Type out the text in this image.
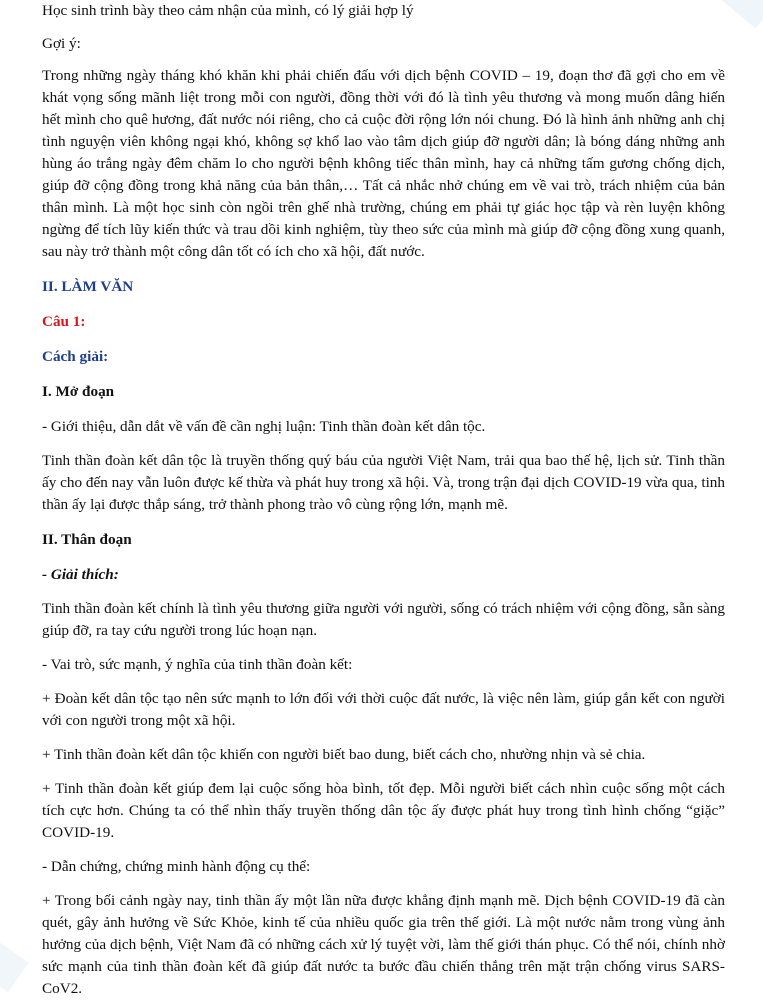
Học sinh trình bày theo cảm nhận của mình, có lý giải hợp lý

Gợi ý:

Trong những ngày tháng khó khăn khi phải chiến đấu với dịch bệnh COVID – 19, đoạn thơ đã gợi cho em về khát vọng sống mãnh liệt trong mỗi con người, đồng thời với đó là tình yêu thương và mong muốn dâng hiến hết mình cho quê hương, đất nước nói riêng, cho cả cuộc đời rộng lớn nói chung. Đó là hình ảnh những anh chị tình nguyện viên không ngại khó, không sợ khổ lao vào tâm dịch giúp đỡ người dân; là bóng dáng những anh hùng áo trắng ngày đêm chăm lo cho người bệnh không tiếc thân mình, hay cả những tấm gương chống dịch, giúp đỡ cộng đồng trong khả năng của bản thân,… Tất cả nhắc nhở chúng em về vai trò, trách nhiệm của bản thân mình. Là một học sinh còn ngồi trên ghế nhà trường, chúng em phải tự giác học tập và rèn luyện không ngừng để tích lũy kiến thức và trau dồi kinh nghiệm, tùy theo sức của mình mà giúp đỡ cộng đồng xung quanh, sau này trở thành một công dân tốt có ích cho xã hội, đất nước.

II. LÀM VĂN

Câu 1:

Cách giải:

I. Mở đoạn

- Giới thiệu, dẫn dắt về vấn đề cần nghị luận: Tinh thần đoàn kết dân tộc.

Tinh thần đoàn kết dân tộc là truyền thống quý báu của người Việt Nam, trải qua bao thế hệ, lịch sử. Tinh thần ấy cho đến nay vẫn luôn được kế thừa và phát huy trong xã hội. Và, trong trận đại dịch COVID-19 vừa qua, tinh thần ấy lại được thắp sáng, trở thành phong trào vô cùng rộng lớn, mạnh mẽ.

II. Thân đoạn

- Giải thích:

Tinh thần đoàn kết chính là tình yêu thương giữa người với người, sống có trách nhiệm với cộng đồng, sẵn sàng giúp đỡ, ra tay cứu người trong lúc hoạn nạn.

- Vai trò, sức mạnh, ý nghĩa của tinh thần đoàn kết:

+ Đoàn kết dân tộc tạo nên sức mạnh to lớn đối với thời cuộc đất nước, là việc nên làm, giúp gắn kết con người với con người trong một xã hội.

+ Tinh thần đoàn kết dân tộc khiến con người biết bao dung, biết cách cho, nhường nhịn và sẻ chia.

+ Tinh thần đoàn kết giúp đem lại cuộc sống hòa bình, tốt đẹp. Mỗi người biết cách nhìn cuộc sống một cách tích cực hơn. Chúng ta có thể nhìn thấy truyền thống dân tộc ấy được phát huy trong tình hình chống “giặc” COVID-19.

- Dẫn chứng, chứng minh hành động cụ thể:

+ Trong bối cảnh ngày nay, tinh thần ấy một lần nữa được khẳng định mạnh mẽ. Dịch bệnh COVID-19 đã càn quét, gây ảnh hưởng về Sức Khỏe, kinh tế của nhiều quốc gia trên thế giới. Là một nước nằm trong vùng ảnh hưởng của dịch bệnh, Việt Nam đã có những cách xử lý tuyệt vời, làm thế giới thán phục. Có thể nói, chính nhờ sức mạnh của tinh thần đoàn kết đã giúp đất nước ta bước đầu chiến thắng trên mặt trận chống virus SARS-CoV2.
